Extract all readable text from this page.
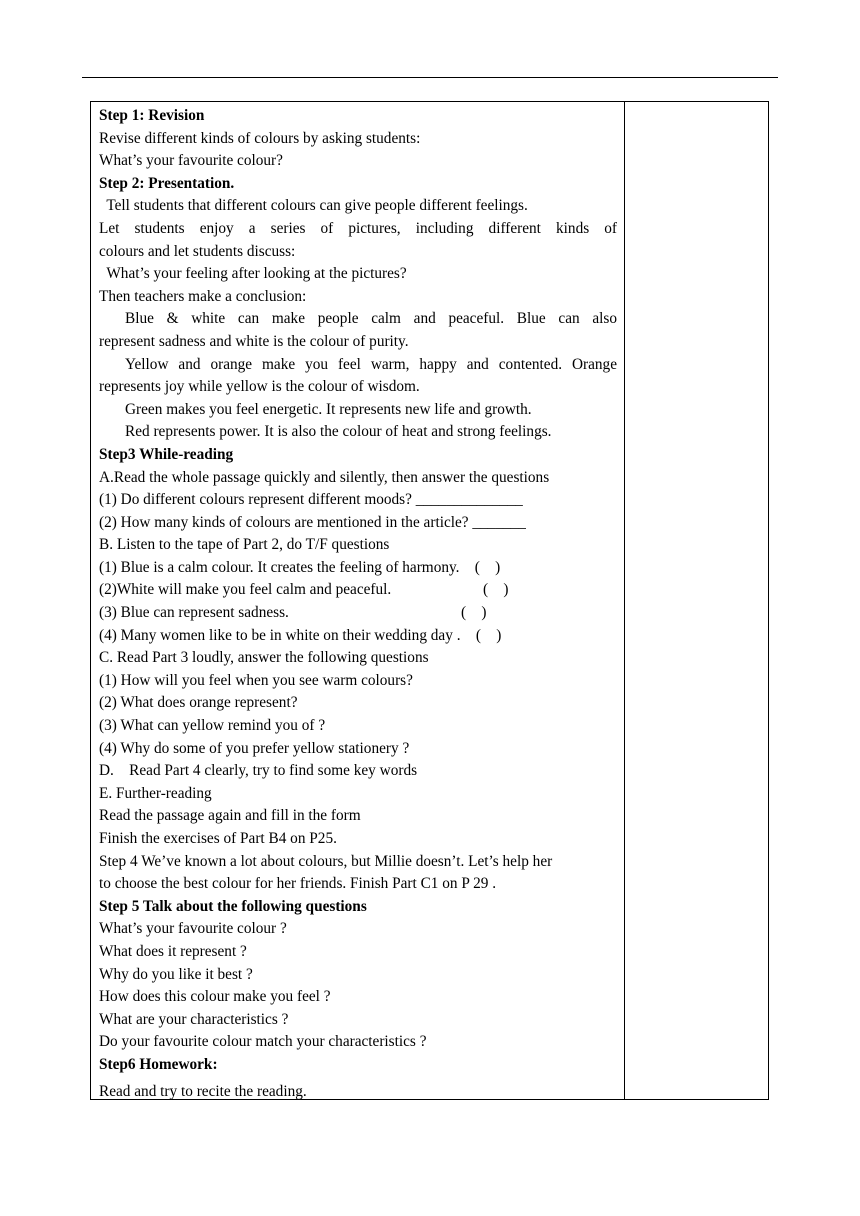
Step 1: Revision
Revise different kinds of colours by asking students:
What’s your favourite colour?
Step 2: Presentation.
Tell students that different colours can give people different feelings.
Let students enjoy a series of pictures, including different kinds of
colours and let students discuss:
What’s your feeling after looking at the pictures?
Then teachers make a conclusion:
Blue & white can make people calm and peaceful. Blue can also
represent sadness and white is the colour of purity.
Yellow and orange make you feel warm, happy and contented. Orange
represents joy while yellow is the colour of wisdom.
Green makes you feel energetic. It represents new life and growth.
Red represents power. It is also the colour of heat and strong feelings.
Step3 While-reading
A.Read the whole passage quickly and silently, then answer the questions
(1) Do different colours represent different moods? ______________
(2) How many kinds of colours are mentioned in the article? _______
B. Listen to the tape of Part 2, do T/F questions
(1) Blue is a calm colour. It creates the feeling of harmony.    (    )
(2)White will make you feel calm and peaceful.                        (    )
(3) Blue can represent sadness.                                             (    )
(4) Many women like to be in white on their wedding day .    (    )
C. Read Part 3 loudly, answer the following questions
(1) How will you feel when you see warm colours?
(2) What does orange represent?
(3) What can yellow remind you of ?
(4) Why do some of you prefer yellow stationery ?
D.    Read Part 4 clearly, try to find some key words
E. Further-reading
Read the passage again and fill in the form
Finish the exercises of Part B4 on P25.
Step 4 We’ve known a lot about colours, but Millie doesn’t. Let’s help her
to choose the best colour for her friends. Finish Part C1 on P 29 .
Step 5 Talk about the following questions
What’s your favourite colour ?
What does it represent ?
Why do you like it best ?
How does this colour make you feel ?
What are your characteristics ?
Do your favourite colour match your characteristics ?
Step6 Homework:
Read and try to recite the reading.
